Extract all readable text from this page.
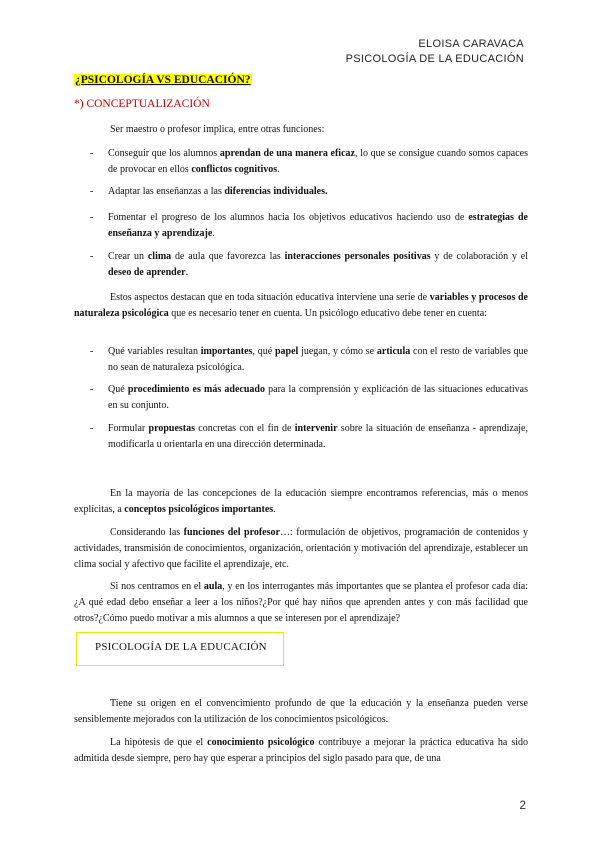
ELOISA CARAVACA
PSICOLOGÍA DE LA EDUCACIÓN
¿PSICOLOGÍA VS EDUCACIÓN?
*) CONCEPTUALIZACIÓN

Ser maestro o profesor implica, entre otras funciones:

- Conseguir que los alumnos aprendan de una manera eficaz, lo que se consigue cuando somos capaces de provocar en ellos conflictos cognitivos.

- Adaptar las enseñanzas a las diferencias individuales.

- Fomentar el progreso de los alumnos hacia los objetivos educativos haciendo uso de estrategias de enseñanza y aprendizaje.

- Crear un clima de aula que favorezca las interacciones personales positivas y de colaboración y el deseo de aprender.

Estos aspectos destacan que en toda situación educativa interviene una serie de variables y procesos de naturaleza psicológica que es necesario tener en cuenta. Un psicólogo educativo debe tener en cuenta:

- Qué variables resultan importantes, qué papel juegan, y cómo se articula con el resto de variables que no sean de naturaleza psicológica.

- Qué procedimiento es más adecuado para la comprensión y explicación de las situaciones educativas en su conjunto.

- Formular propuestas concretas con el fin de intervenir sobre la situación de enseñanza - aprendizaje, modificarla u orientarla en una dirección determinada.

En la mayoría de las concepciones de la educación siempre encontramos referencias, más o menos explícitas, a conceptos psicológicos importantes.

Considerando las funciones del profesor…: formulación de objetivos, programación de contenidos y actividades, transmisión de conocimientos, organización, orientación y motivación del aprendizaje, establecer un clima social y afectivo que facilite el aprendizaje, etc.

Si nos centramos en el aula, y en los interrogantes más importantes que se plantea el profesor cada día: ¿A qué edad debo enseñar a leer a los niños?¿Por qué hay niños que aprenden antes y con más facilidad que otros?¿Cómo puedo motivar a mis alumnos a que se interesen por el aprendizaje?

PSICOLOGÍA DE LA EDUCACIÓN

Tiene su origen en el convencimiento profundo de que la educación y la enseñanza pueden verse sensiblemente mejorados con la utilización de los conocimientos psicológicos.

La hipótesis de que el conocimiento psicológico contribuye a mejorar la práctica educativa ha sido admitida desde siempre, pero hay que esperar a principios del siglo pasado para que, de una

2
